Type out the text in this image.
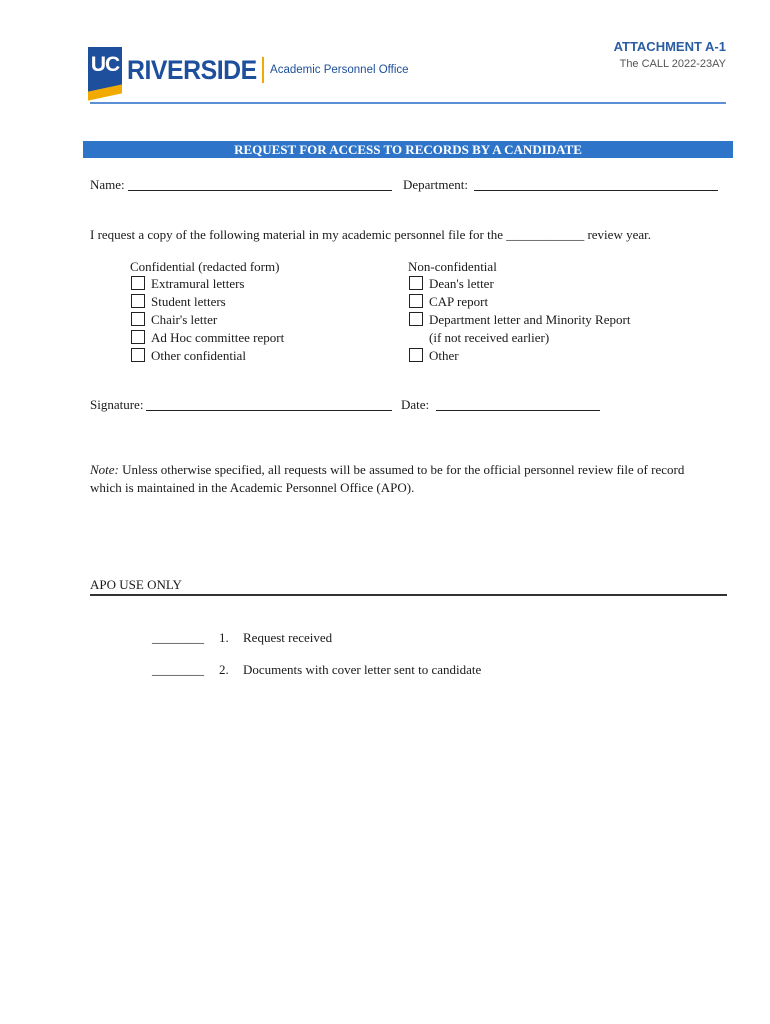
UC RIVERSIDE Academic Personnel Office
ATTACHMENT A-1
The CALL 2022-23AY
REQUEST FOR ACCESS TO RECORDS BY A CANDIDATE
Name:	Department:
I request a copy of the following material in my academic personnel file for the ____________ review year.
Confidential (redacted form)
Extramural letters
Student letters
Chair's letter
Ad Hoc committee report
Other confidential
Non-confidential
Dean's letter
CAP report
Department letter and Minority Report
(if not received earlier)
Other
Signature:	Date:
Note: Unless otherwise specified, all requests will be assumed to be for the official personnel review file of record
which is maintained in the Academic Personnel Office (APO).
APO USE ONLY
________ 1. Request received
________ 2. Documents with cover letter sent to candidate
